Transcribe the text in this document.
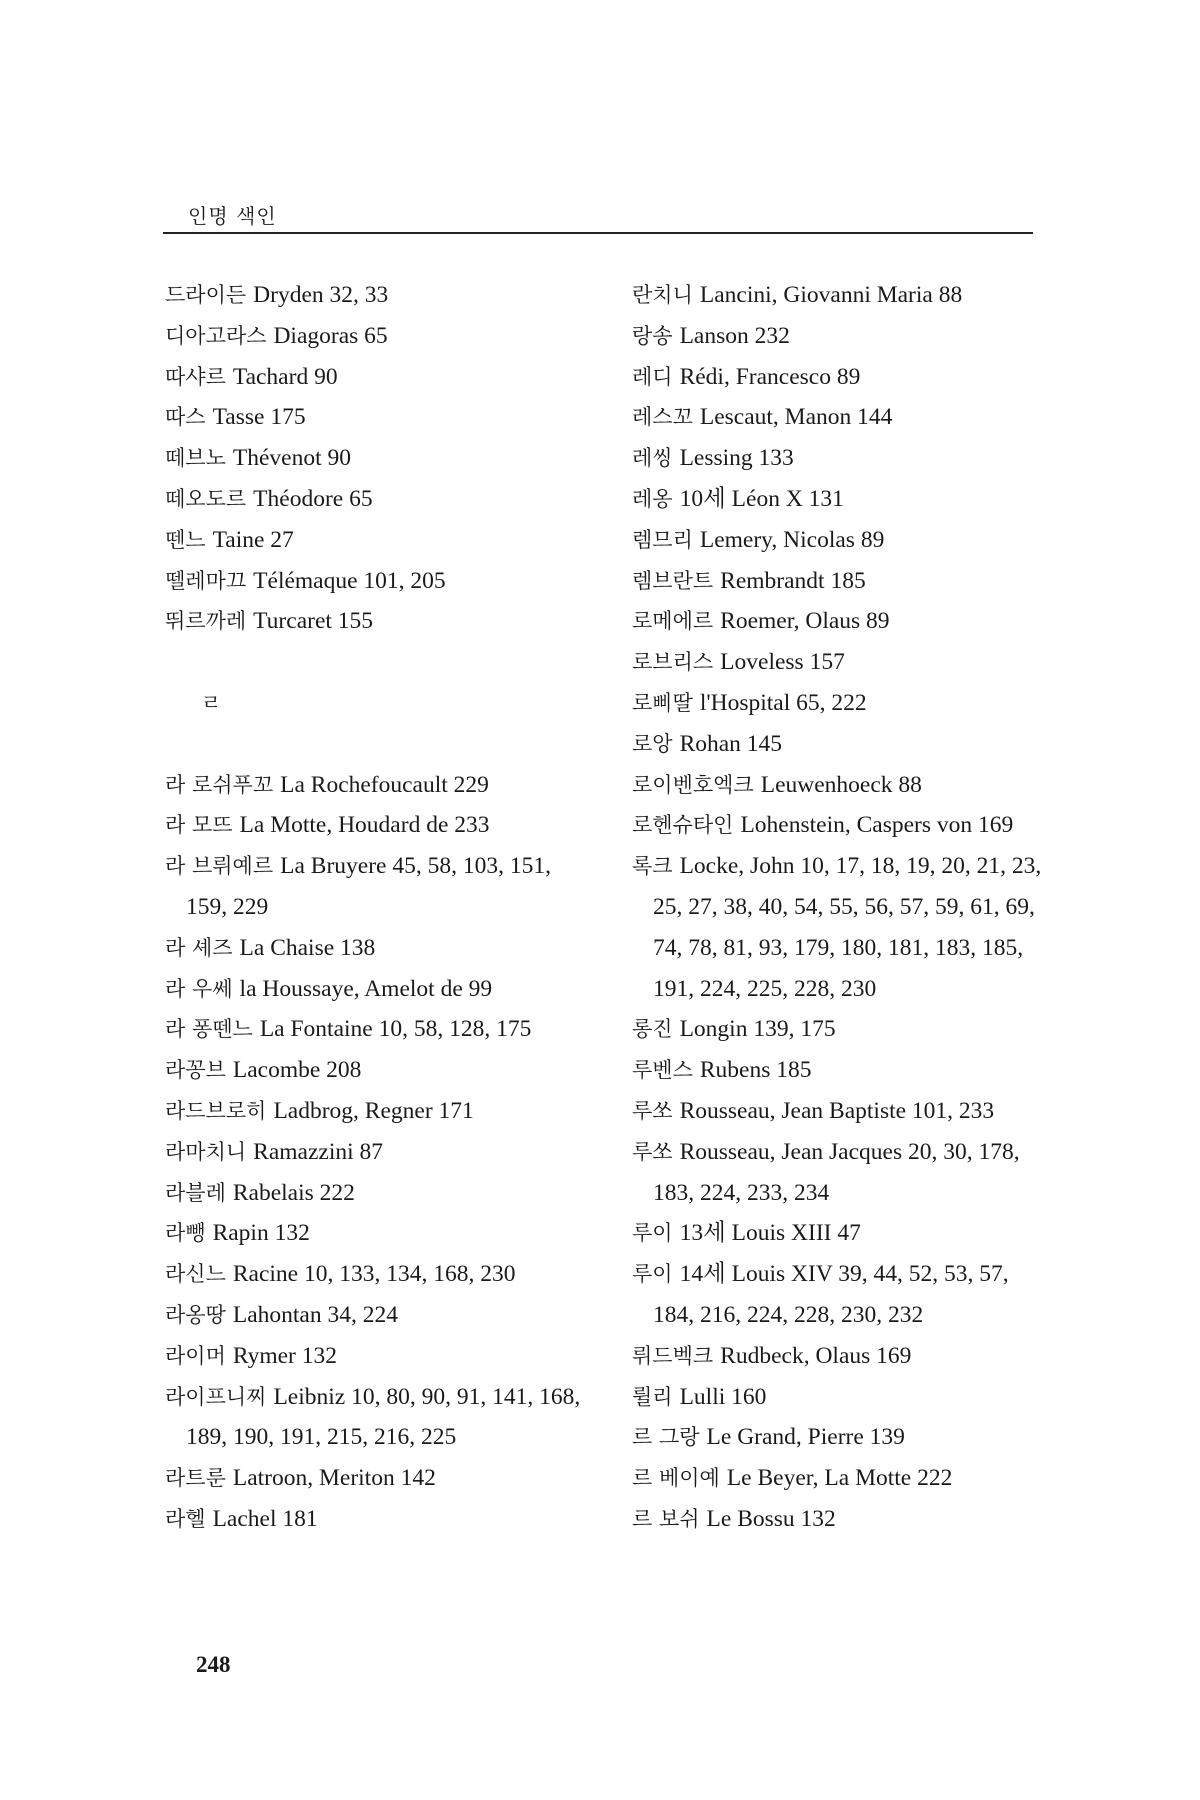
인명 색인
드라이든 Dryden 32, 33
디아고라스 Diagoras 65
따샤르 Tachard 90
따스 Tasse 175
떼브노 Thévenot 90
떼오도르 Théodore 65
뗀느 Taine 27
뗄레마끄 Télémaque 101, 205
뛰르까레 Turcaret 155
ㄹ
라 로쉬푸꼬 La Rochefoucault 229
라 모뜨 La Motte, Houdard de 233
라 브뤼예르 La Bruyere 45, 58, 103, 151, 159, 229
라 셰즈 La Chaise 138
라 우쎄 la Houssaye, Amelot de 99
라 퐁뗀느 La Fontaine 10, 58, 128, 175
라꽁브 Lacombe 208
라드브로히 Ladbrog, Regner 171
라마치니 Ramazzini 87
라블레 Rabelais 222
라뺑 Rapin 132
라신느 Racine 10, 133, 134, 168, 230
라옹땅 Lahontan 34, 224
라이머 Rymer 132
라이프니찌 Leibniz 10, 80, 90, 91, 141, 168, 189, 190, 191, 215, 216, 225
라트룬 Latroon, Meriton 142
라헬 Lachel 181
란치니 Lancini, Giovanni Maria 88
랑송 Lanson 232
레디 Rédi, Francesco 89
레스꼬 Lescaut, Manon 144
레씽 Lessing 133
레옹 10세 Léon X 131
렘므리 Lemery, Nicolas 89
렘브란트 Rembrandt 185
로메에르 Roemer, Olaus 89
로브리스 Loveless 157
로삐딸 l'Hospital 65, 222
로앙 Rohan 145
로이벤호엑크 Leuwenhoeck 88
로헨슈타인 Lohenstein, Caspers von 169
록크 Locke, John 10, 17, 18, 19, 20, 21, 23, 25, 27, 38, 40, 54, 55, 56, 57, 59, 61, 69, 74, 78, 81, 93, 179, 180, 181, 183, 185, 191, 224, 225, 228, 230
롱진 Longin 139, 175
루벤스 Rubens 185
루쏘 Rousseau, Jean Baptiste 101, 233
루쏘 Rousseau, Jean Jacques 20, 30, 178, 183, 224, 233, 234
루이 13세 Louis XIII 47
루이 14세 Louis XIV 39, 44, 52, 53, 57, 184, 216, 224, 228, 230, 232
뤼드벡크 Rudbeck, Olaus 169
륄리 Lulli 160
르 그랑 Le Grand, Pierre 139
르 베이예 Le Beyer, La Motte 222
르 보쉬 Le Bossu 132
248
